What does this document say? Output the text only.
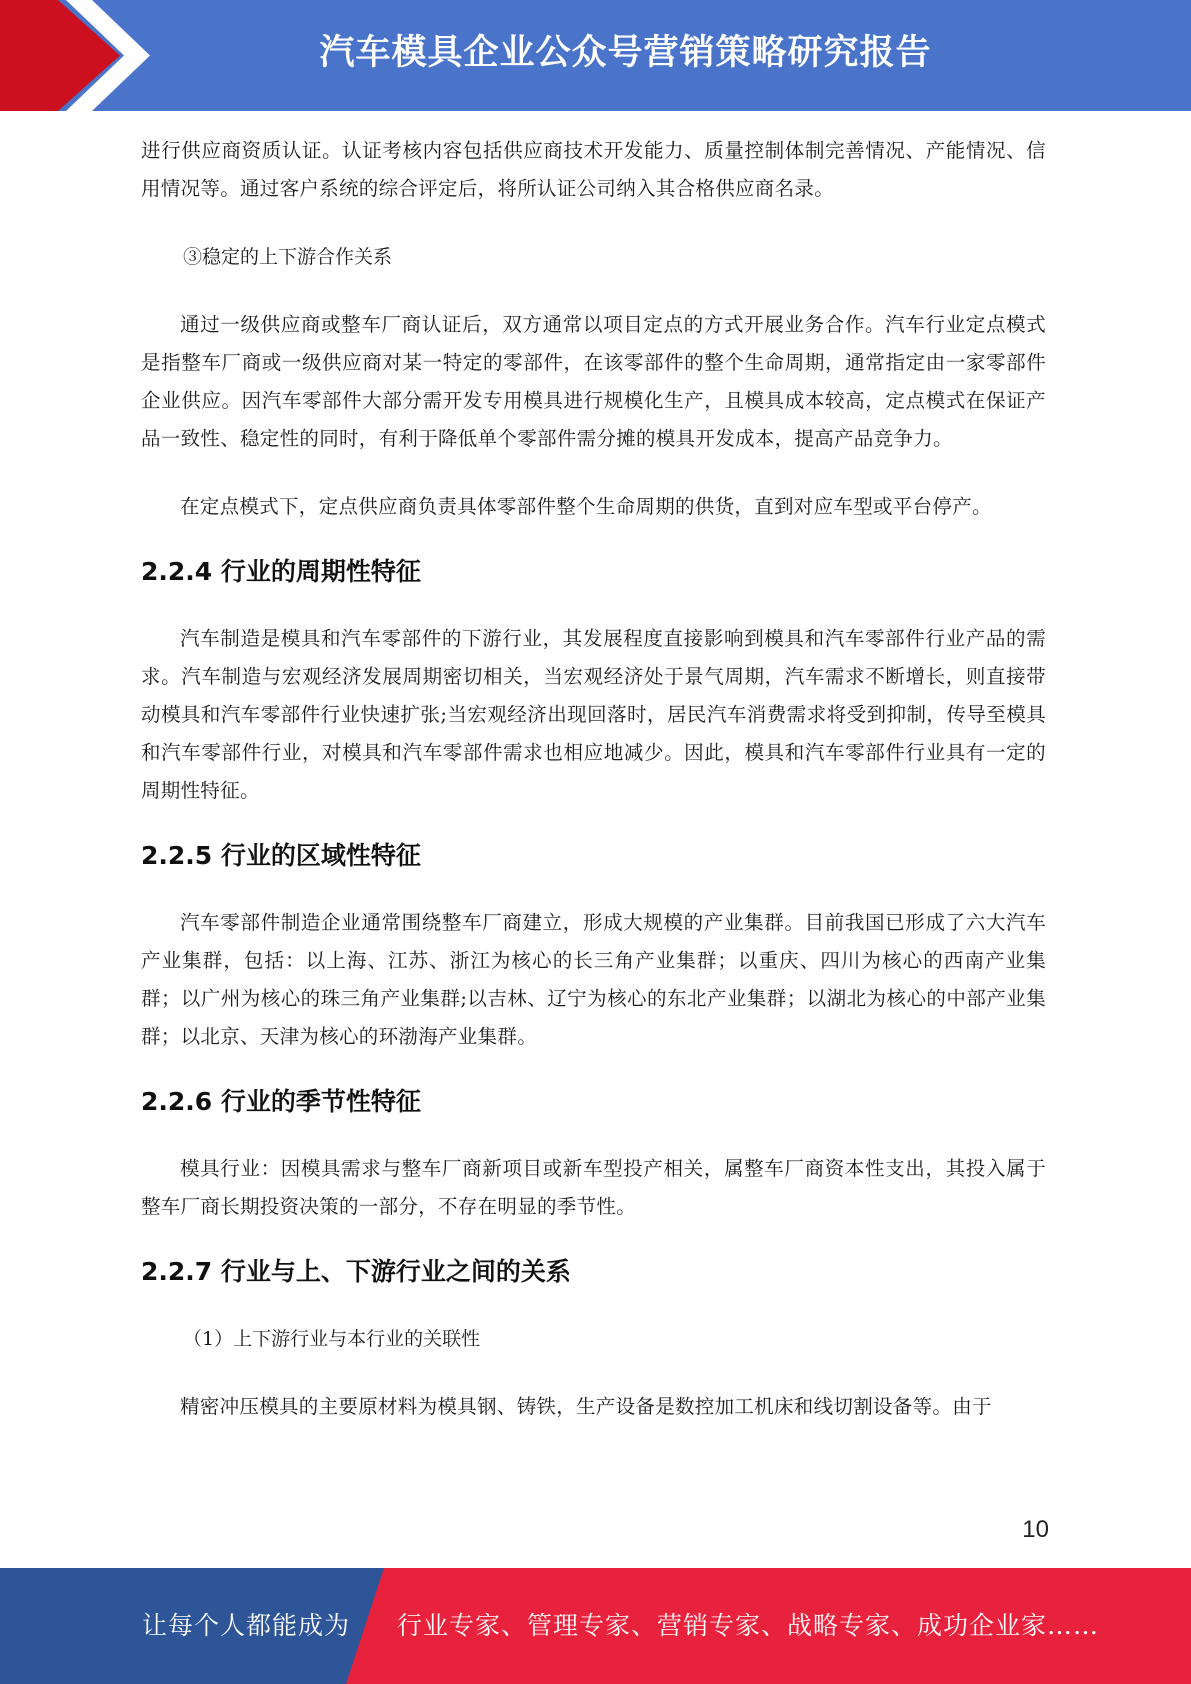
汽车模具企业公众号营销策略研究报告

进行供应商资质认证。认证考核内容包括供应商技术开发能力、质量控制体制完善情况、产能情况、信用情况等。通过客户系统的综合评定后，将所认证公司纳入其合格供应商名录。

③稳定的上下游合作关系

通过一级供应商或整车厂商认证后，双方通常以项目定点的方式开展业务合作。汽车行业定点模式是指整车厂商或一级供应商对某一特定的零部件，在该零部件的整个生命周期，通常指定由一家零部件企业供应。因汽车零部件大部分需开发专用模具进行规模化生产，且模具成本较高，定点模式在保证产品一致性、稳定性的同时，有利于降低单个零部件需分摊的模具开发成本，提高产品竞争力。

在定点模式下，定点供应商负责具体零部件整个生命周期的供货，直到对应车型或平台停产。

2.2.4 行业的周期性特征

汽车制造是模具和汽车零部件的下游行业，其发展程度直接影响到模具和汽车零部件行业产品的需求。汽车制造与宏观经济发展周期密切相关，当宏观经济处于景气周期，汽车需求不断增长，则直接带动模具和汽车零部件行业快速扩张;当宏观经济出现回落时，居民汽车消费需求将受到抑制，传导至模具和汽车零部件行业，对模具和汽车零部件需求也相应地减少。因此，模具和汽车零部件行业具有一定的周期性特征。

2.2.5 行业的区域性特征

汽车零部件制造企业通常围绕整车厂商建立，形成大规模的产业集群。目前我国已形成了六大汽车产业集群，包括：以上海、江苏、浙江为核心的长三角产业集群；以重庆、四川为核心的西南产业集群；以广州为核心的珠三角产业集群;以吉林、辽宁为核心的东北产业集群；以湖北为核心的中部产业集群；以北京、天津为核心的环渤海产业集群。

2.2.6 行业的季节性特征

模具行业：因模具需求与整车厂商新项目或新车型投产相关，属整车厂商资本性支出，其投入属于整车厂商长期投资决策的一部分，不存在明显的季节性。

2.2.7 行业与上、下游行业之间的关系

（1）上下游行业与本行业的关联性

精密冲压模具的主要原材料为模具钢、铸铁，生产设备是数控加工机床和线切割设备等。由于

10
让每个人都能成为 行业专家、管理专家、营销专家、战略专家、成功企业家……
